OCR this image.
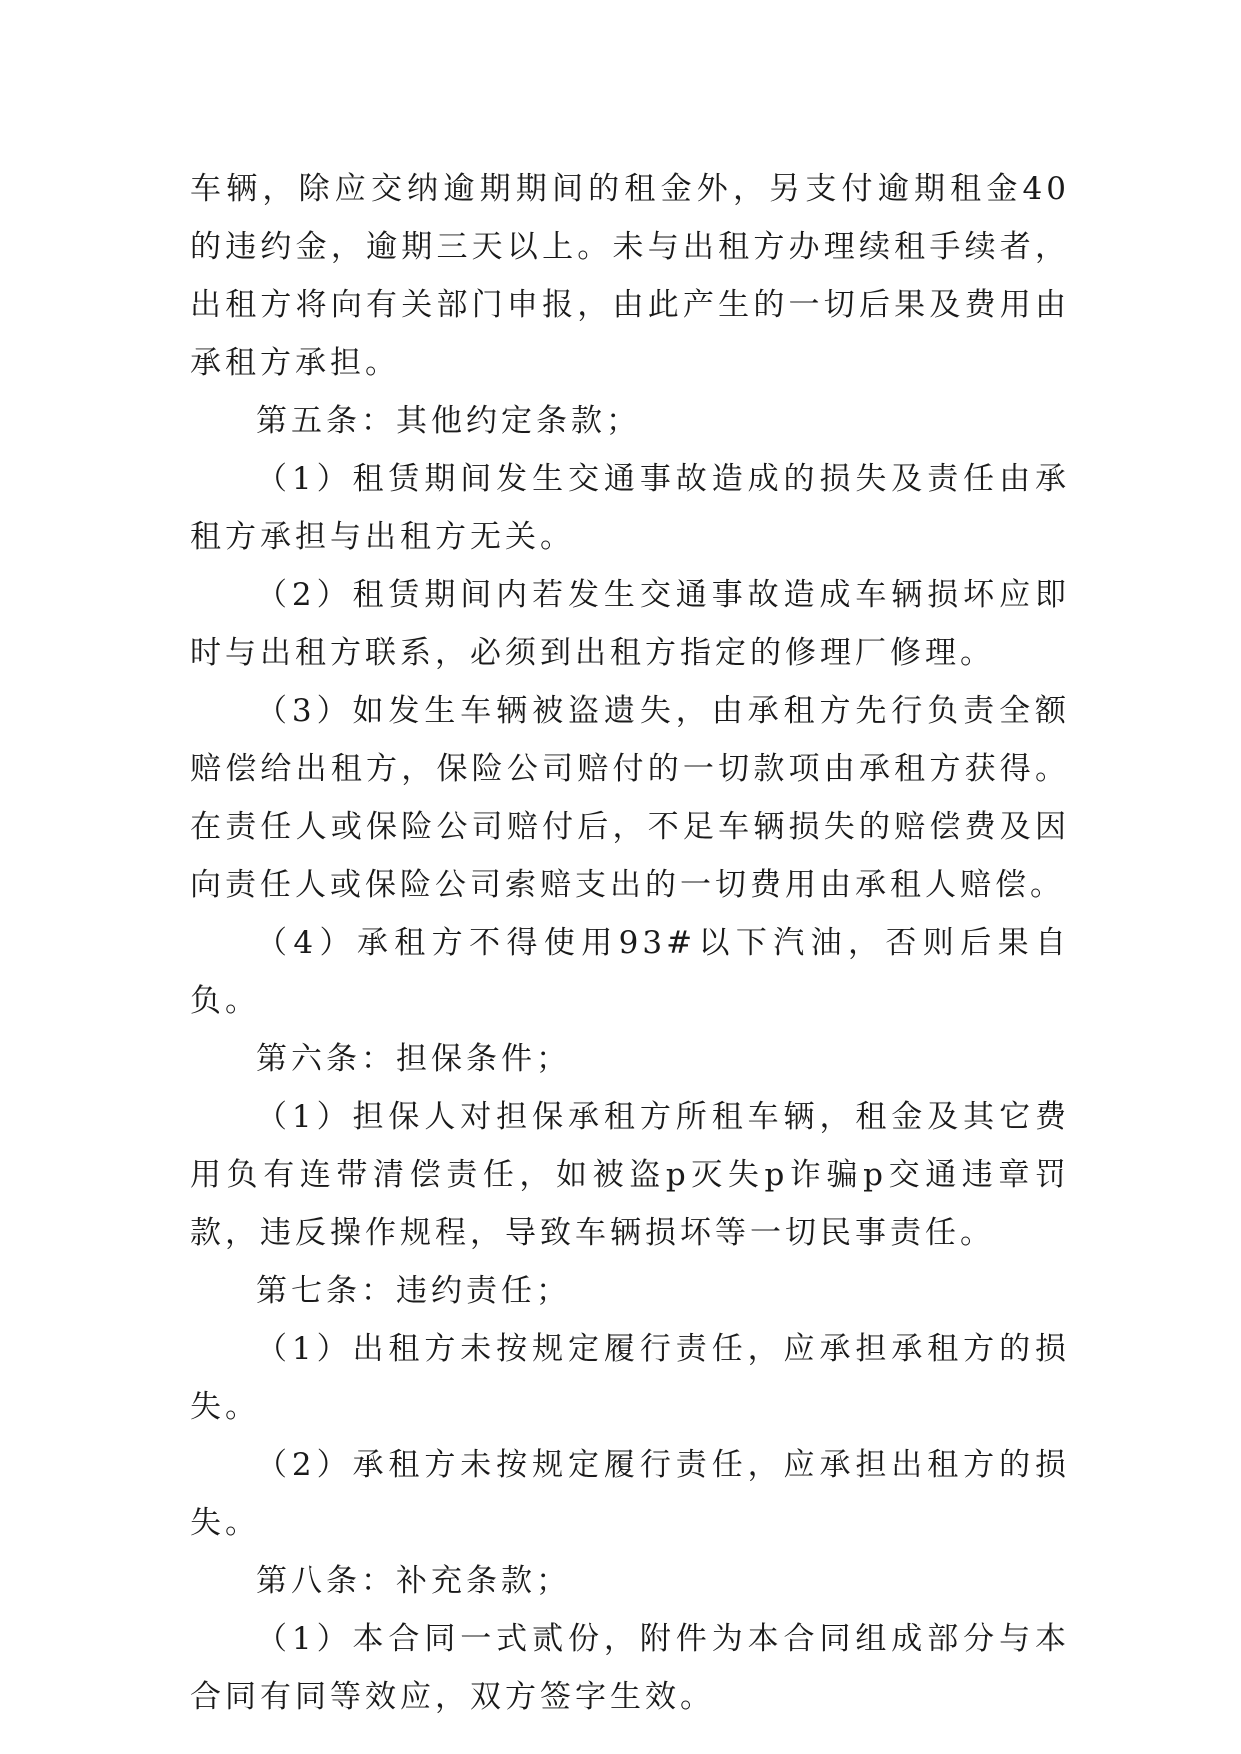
车辆，除应交纳逾期期间的租金外，另支付逾期租金40的违约金，逾期三天以上。未与出租方办理续租手续者，出租方将向有关部门申报，由此产生的一切后果及费用由承租方承担。

第五条：其他约定条款；

（1）租赁期间发生交通事故造成的损失及责任由承租方承担与出租方无关。

（2）租赁期间内若发生交通事故造成车辆损坏应即时与出租方联系，必须到出租方指定的修理厂修理。

（3）如发生车辆被盗遗失，由承租方先行负责全额赔偿给出租方，保险公司赔付的一切款项由承租方获得。在责任人或保险公司赔付后，不足车辆损失的赔偿费及因向责任人或保险公司索赔支出的一切费用由承租人赔偿。

（4）承租方不得使用93#以下汽油，否则后果自负。

第六条：担保条件；

（1）担保人对担保承租方所租车辆，租金及其它费用负有连带清偿责任，如被盗p灭失p诈骗p交通违章罚款，违反操作规程，导致车辆损坏等一切民事责任。

第七条：违约责任；

（1）出租方未按规定履行责任，应承担承租方的损失。

（2）承租方未按规定履行责任，应承担出租方的损失。

第八条：补充条款；

（1）本合同一式贰份，附件为本合同组成部分与本合同有同等效应，双方签字生效。
